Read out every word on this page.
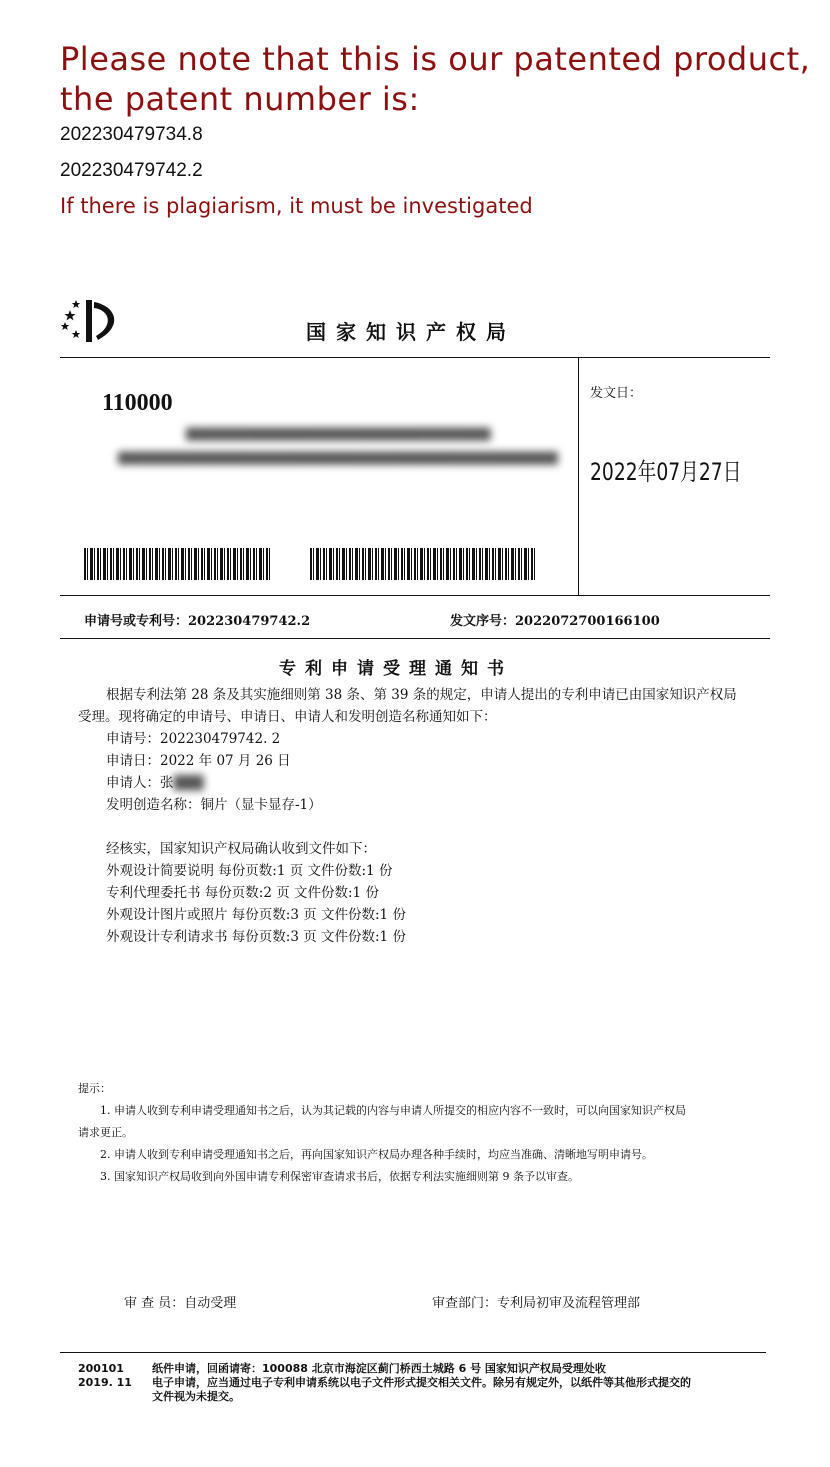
Please note that this is our patented product,
the patent number is:
202230479734.8
202230479742.2
If there is plagiarism, it must be investigated
国家知识产权局
110000
████████████████████████████████████
████████████████████████████████████████████████████
发文日：
2022年07月27日
申请号或专利号：202230479742.2	发文序号：2022072700166100
专利申请受理通知书
根据专利法第 28 条及其实施细则第 38 条、第 39 条的规定，申请人提出的专利申请已由国家知识产权局
受理。现将确定的申请号、申请日、申请人和发明创造名称通知如下：
申请号：202230479742. 2
申请日：2022 年 07 月 26 日
申请人：张███
发明创造名称：铜片（显卡显存-1）
经核实，国家知识产权局确认收到文件如下：
外观设计简要说明 每份页数:1 页 文件份数:1 份
专利代理委托书 每份页数:2 页 文件份数:1 份
外观设计图片或照片 每份页数:3 页 文件份数:1 份
外观设计专利请求书 每份页数:3 页 文件份数:1 份
提示：
1. 申请人收到专利申请受理通知书之后，认为其记载的内容与申请人所提交的相应内容不一致时，可以向国家知识产权局
请求更正。
2. 申请人收到专利申请受理通知书之后，再向国家知识产权局办理各种手续时，均应当准确、清晰地写明申请号。
3. 国家知识产权局收到向外国申请专利保密审查请求书后，依据专利法实施细则第 9 条予以审查。
审 查 员：自动受理	审查部门：专利局初审及流程管理部
200101
2019. 11
纸件申请，回函请寄：100088 北京市海淀区蓟门桥西土城路 6 号 国家知识产权局受理处收
电子申请，应当通过电子专利申请系统以电子文件形式提交相关文件。除另有规定外，以纸件等其他形式提交的
文件视为未提交。
